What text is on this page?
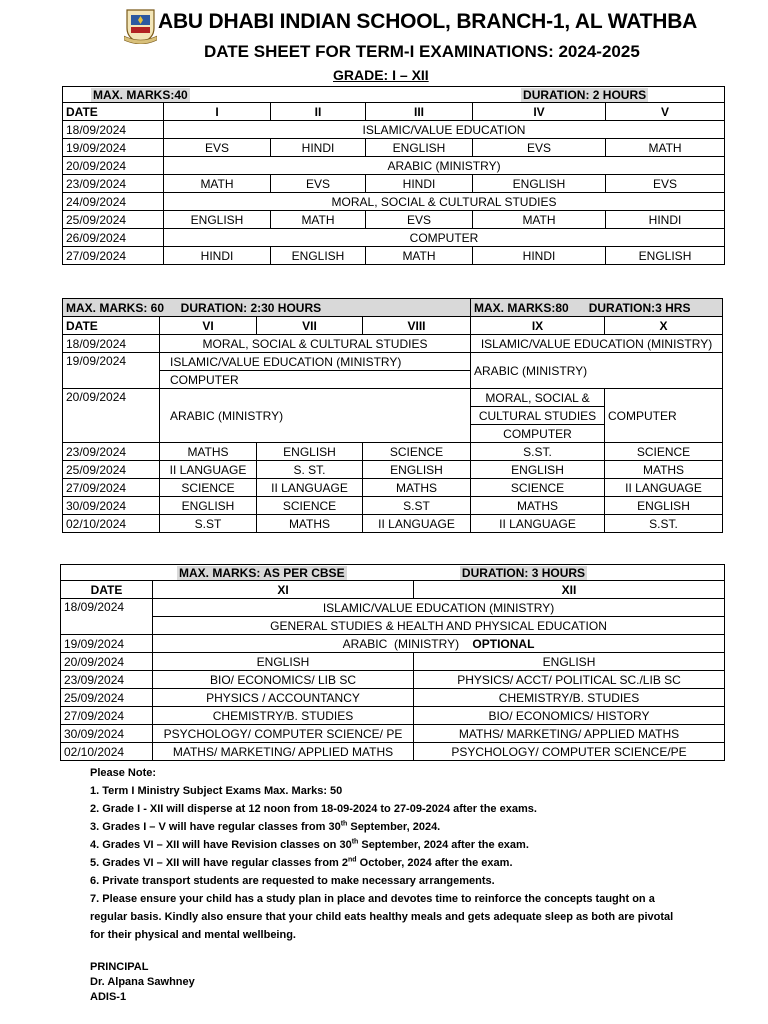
ABU DHABI INDIAN SCHOOL, BRANCH-1, AL WATHBA
DATE SHEET FOR TERM-I EXAMINATIONS: 2024-2025
GRADE: I – XII
MAX. MARKS:40 DURATION: 2 HOURS					
DATE	I	II	III	IV	V
18/09/2024	ISLAMIC/VALUE EDUCATION				
19/09/2024	EVS	HINDI	ENGLISH	EVS	MATH
20/09/2024	ARABIC (MINISTRY)				
23/09/2024	MATH	EVS	HINDI	ENGLISH	EVS
24/09/2024	MORAL, SOCIAL & CULTURAL STUDIES				
25/09/2024	ENGLISH	MATH	EVS	MATH	HINDI
26/09/2024	COMPUTER				
27/09/2024	HINDI	ENGLISH	MATH	HINDI	ENGLISH
MAX. MARKS: 60     DURATION: 2:30 HOURS				MAX. MARKS:80      DURATION:3 HRS	
DATE	VI	VII	VIII	IX	X
18/09/2024	MORAL, SOCIAL & CULTURAL STUDIES			ISLAMIC/VALUE EDUCATION (MINISTRY)	
19/09/2024	ISLAMIC/VALUE EDUCATION (MINISTRY)			ARABIC (MINISTRY)	
	COMPUTER				
20/09/2024	ARABIC (MINISTRY)			MORAL, SOCIAL &	COMPUTER
				CULTURAL STUDIES	
				COMPUTER	
23/09/2024	MATHS	ENGLISH	SCIENCE	S.ST.	SCIENCE
25/09/2024	II LANGUAGE	S. ST.	ENGLISH	ENGLISH	MATHS
27/09/2024	SCIENCE	II LANGUAGE	MATHS	SCIENCE	II LANGUAGE
30/09/2024	ENGLISH	SCIENCE	S.ST	MATHS	ENGLISH
02/10/2024	S.ST	MATHS	II LANGUAGE	II LANGUAGE	S.ST.
MAX. MARKS: AS PER CBSE DURATION: 3 HOURS		
DATE	XI	XII
18/09/2024	ISLAMIC/VALUE EDUCATION (MINISTRY)	
	GENERAL STUDIES & HEALTH AND PHYSICAL EDUCATION	
19/09/2024	ARABIC  (MINISTRY) OPTIONAL	
20/09/2024	ENGLISH	ENGLISH
23/09/2024	BIO/ ECONOMICS/ LIB SC	PHYSICS/ ACCT/ POLITICAL SC./LIB SC
25/09/2024	PHYSICS / ACCOUNTANCY	CHEMISTRY/B. STUDIES
27/09/2024	CHEMISTRY/B. STUDIES	BIO/ ECONOMICS/ HISTORY
30/09/2024	PSYCHOLOGY/ COMPUTER SCIENCE/ PE	MATHS/ MARKETING/ APPLIED MATHS
02/10/2024	MATHS/ MARKETING/ APPLIED MATHS	PSYCHOLOGY/ COMPUTER SCIENCE/PE

Please Note:

1. Term I Ministry Subject Exams Max. Marks: 50

2. Grade I - XII will disperse at 12 noon from 18-09-2024 to 27-09-2024 after the exams.

3. Grades I – V will have regular classes from 30th September, 2024.

4. Grades VI – XII will have Revision classes on 30th September, 2024 after the exam.

5. Grades VI – XII will have regular classes from 2nd October, 2024 after the exam.

6. Private transport students are requested to make necessary arrangements.

7. Please ensure your child has a study plan in place and devotes time to reinforce the concepts taught on a

regular basis. Kindly also ensure that your child eats healthy meals and gets adequate sleep as both are pivotal

for their physical and mental wellbeing.

PRINCIPAL
Dr. Alpana Sawhney
ADIS-1
